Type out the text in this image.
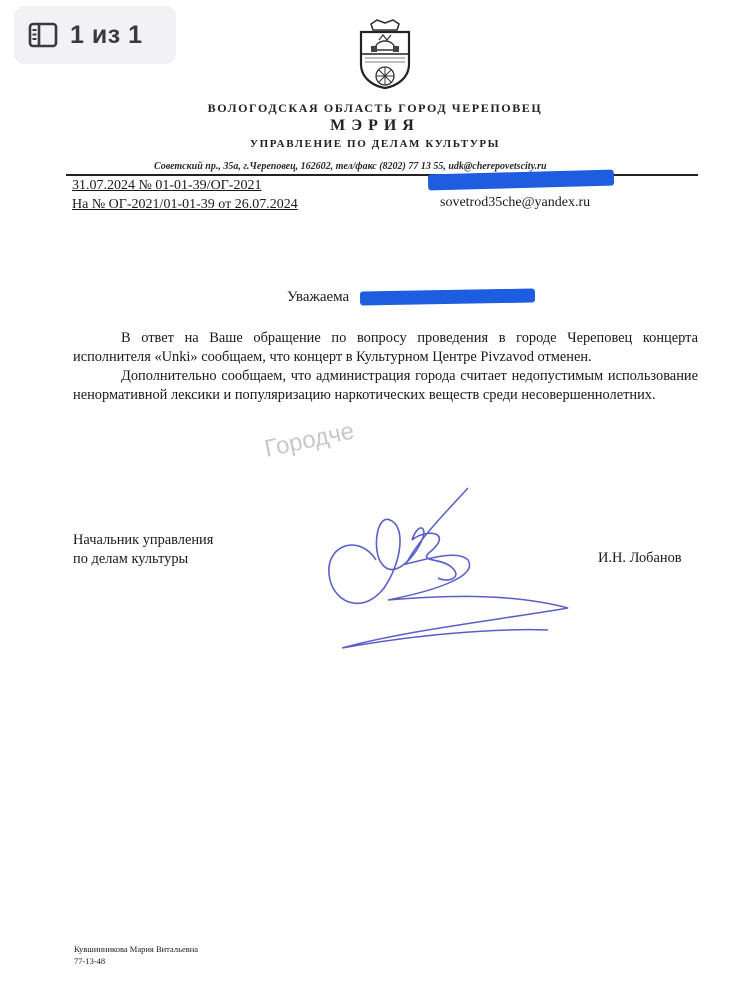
1 из 1
ВОЛОГОДСКАЯ ОБЛАСТЬ ГОРОД ЧЕРЕПОВЕЦ
МЭРИЯ
УПРАВЛЕНИЕ ПО ДЕЛАМ КУЛЬТУРЫ
Советский пр., 35а, г.Череповец, 162602, тел/факс (8202) 77 13 55, udk@cherepovetscity.ru
31.07.2024 № 01-01-39/ОГ-2021
На № ОГ-2021/01-01-39 от 26.07.2024	sovetrod35che@yandex.ru
Уважаема

В ответ на Ваше обращение по вопросу проведения в городе Череповец концерта исполнителя «Unki» сообщаем, что концерт в Культурном Центре Pivzavod отменен.

Дополнительно сообщаем, что администрация города считает недопустимым использование ненормативной лексики и популяризацию наркотических веществ среди несовершеннолетних.

Городче
Начальник управления
по делам культуры	И.Н. Лобанов
Кувшинникова Мария Витальевна
77-13-48
